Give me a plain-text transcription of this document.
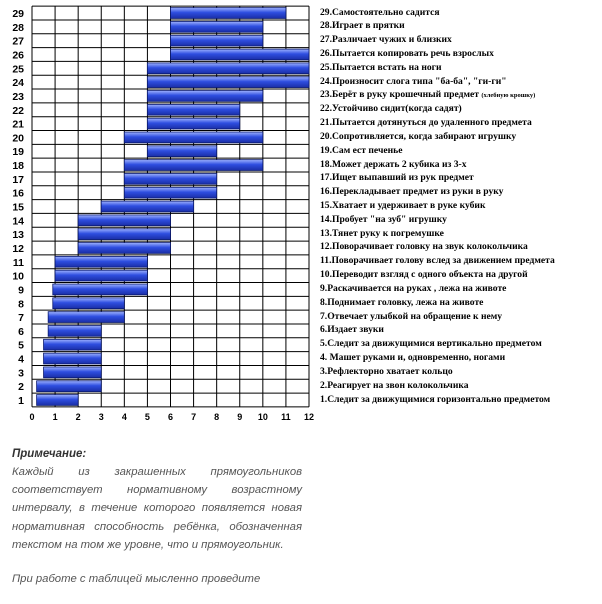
1
2
3
4
5
6
7
8
9
10
11
12
13
14
15
16
17
18
19
20
21
22
23
24
25
26
27
28
29
0 1 2 3 4 5 6 7 8 9 10 11 12
1.Следит за движущимися горизонтально предметом
2.Реагирует на звон колокольчика
3.Рефлекторно хватает кольцо
4. Машет руками и, одновременно, ногами
5.Следит за движущимися вертикально предметом
6.Издает звуки
7.Отвечает улыбкой на обращение к нему
8.Поднимает головку, лежа на животе
9.Раскачивается на руках , лежа на животе
10.Переводит взгляд с одного объекта на другой
11.Поворачивает голову вслед за движением предмета
12.Поворачивает головку на звук колокольчика
13.Тянет руку к погремушке
14.Пробует "на зуб" игрушку
15.Хватает и удерживает в руке кубик
16.Перекладывает предмет из руки в руку
17.Ищет выпавший из рук предмет
18.Может держать 2 кубика из 3-х
19.Сам ест печенье
20.Сопротивляется, когда забирают игрушку
21.Пытается дотянуться до удаленного предмета
22.Устойчиво сидит(когда садят)
23.Берёт в руку крошечный предмет (хлебную крошку)
24.Произносит слога типа "ба-ба", "ги-ги"
25.Пытается встать на ноги
26.Пытается копировать речь взрослых
27.Различает чужих и близких
28.Играет в прятки
29.Самостоятельно садится
Примечание:

Каждый из закрашенных прямоугольников соответствует нормативному возрастному интервалу, в течение которого появляется новая нормативная способность ребёнка, обозначенная текстом на том же уровне, что и прямоугольник.

При работе с таблицей мысленно проведите
